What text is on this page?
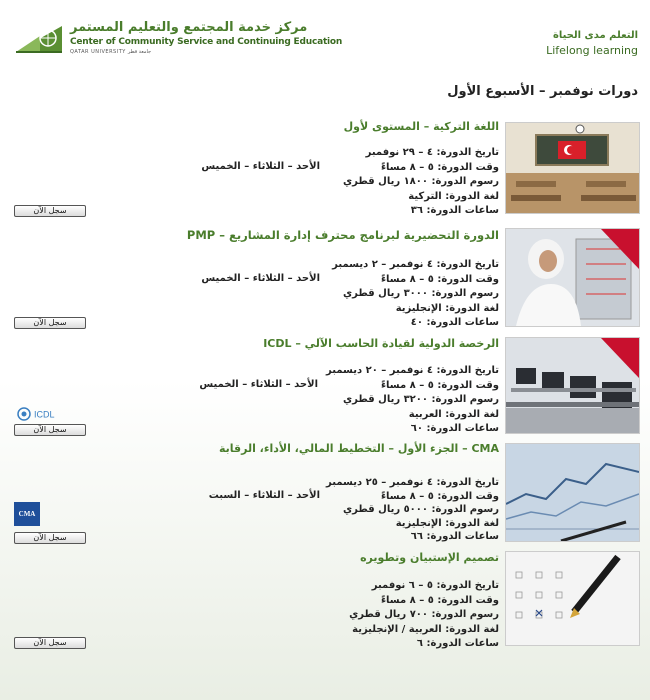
مركز خدمة المجتمع والتعليم المستمر
Center of Community Service and Continuing Education
QATAR UNIVERSITY جامعة قطر
التعلم مدى الحياة
Lifelong learning
دورات نوفمبر – الأسبوع الأول
اللغة التركية – المستوى لأول
تاريخ الدورة: ٤ – ٢٩ نوفمبر
وقت الدورة: ٥ – ٨ مساءً
رسوم الدورة: ١٨٠٠ ريال قطري
لغة الدورة: التركية
ساعات الدورة: ٣٦
الأحد – الثلاثاء – الخميس
سجل الآن
الدورة التحضيرية لبرنامج محترف إدارة المشاريع – PMP
تاريخ الدورة: ٤ نوفمبر – ٢ ديسمبر
وقت الدورة: ٥ – ٨ مساءً
رسوم الدورة: ٣٠٠٠ ريال قطري
لغة الدورة: الإنجليزية
ساعات الدورة: ٤٠
الأحد – الثلاثاء – الخميس
سجل الآن
الرخصة الدولية لقيادة الحاسب الآلي – ICDL
تاريخ الدورة: ٤ نوفمبر – ٢٠ ديسمبر
وقت الدورة: ٥ – ٨ مساءً
رسوم الدورة: ٣٢٠٠ ريال قطري
لغة الدورة: العربية
ساعات الدورة: ٦٠
الأحد – الثلاثاء – الخميس
ICDL
سجل الآن
CMA – الجزء الأول – التخطيط المالي، الأداء، الرقابة
تاريخ الدورة: ٤ نوفمبر – ٢٥ ديسمبر
وقت الدورة: ٥ – ٨ مساءً
رسوم الدورة: ٥٠٠٠ ريال قطري
لغة الدورة: الإنجليزية
ساعات الدورة: ٦٦
الأحد – الثلاثاء – السبت
CMA
سجل الآن
تصميم الإستبيان وتطويره
تاريخ الدورة: ٥ – ٦ نوفمبر
وقت الدورة: ٥ – ٨ مساءً
رسوم الدورة: ٧٠٠ ريال قطري
لغة الدورة: العربية / الإنجليزية
ساعات الدورة: ٦
سجل الآن
